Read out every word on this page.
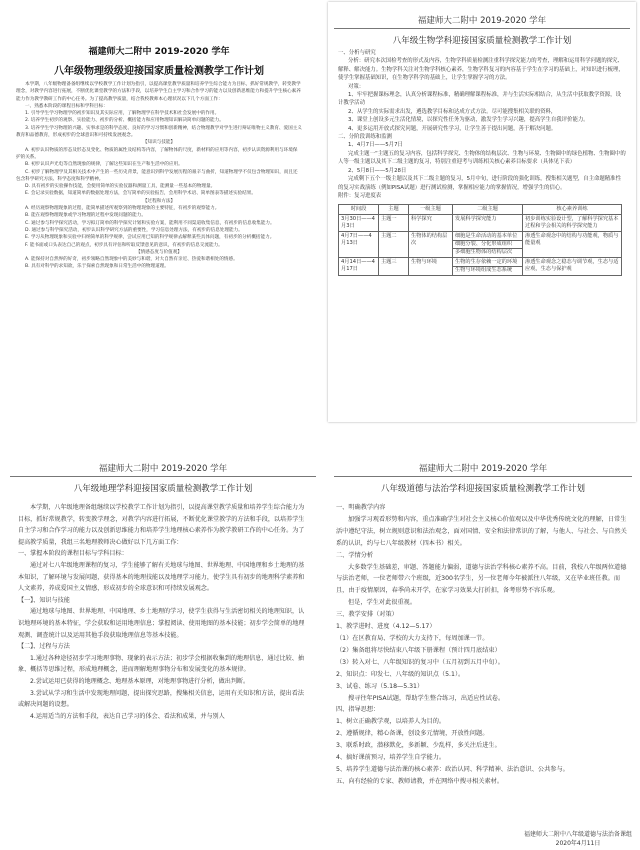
福建师大二附中 2019-2020 学年
八年级物理级级迎接国家质量检测教学工作计划

本学期，八年级物理备备组继续以学校教学工作计划为指引，以提高课堂教学质量和培养学生综合能力为目标，抓好常规教学，转变教学理念，对教学内容进行拓展，不断优化课堂教学的方法和手段，以培养学生自主学习和合作学习的能力以及创新思维能力和提升学生核心素养能力作为教学教研工作的中心任务。为了提高教学质量，结合我校教师本心理状况以下几个方面工作：

一、熟悉本阶段的课程目标和学科目标：

1. 引导学生学习物理学的初步知识及其实际应用，了解物理学在科学技术和社会发展中的作用。

2. 培养学生初步的观察、实验能力、初步的分析、概括能力和应用物理知识解决简单问题的能力。

3. 培养学生学习物理的兴趣、实事求是的科学态度、良好的学习习惯和创新精神，结合物理教学对学生进行辩证唯物主义教育、爱国主义教育和品德教育，形成初步的全球意识和可持续发展观念。

【知识与技能】

A. 初步认识物质的形态及形态及变化、物质的属性及结构等内容，了解物体的尺度，新材料的应用等内容，初步认识资源利用与环境保护的关系。

B. 初步认识声光电等自然现象的规律，了解这些知识在生产和生活中的应用。

C. 初步了解物理学及其相关技术中产生的一些历史背景，能意识到科学发展历程的艰辛与曲折，知道物理学不仅包含物理知识，而且还包含科学研究方法、科学态度和科学精神。

D. 具有初步的实验操作技能，会使用简单的实验仪器和测量工具，能测量一些基本的物理量。

E. 会记录实验数据，知道简单的数据处理方法，会写简单的实验报告，会用科学术语、简单图表等描述实验结果。

【过程和方法】

A. 经历观察物理现象的过程，能简单描述所观察到的物理现象的主要特征，有初步的观察能力。

B. 能在观察物理现象或学习物理的过程中发现问题的能力。

C. 通过参与科学探究活动，学习拟订简单的科学探究计划和实验方案，能利用不同渠道收集信息，有初步的信息收集能力。

D. 通过参与科学探究活动，初步认识科学研究方法的重要性，学习信息处理方法，有初步的信息处理能力。

E. 学习从物理现象和实验中归纳简单的科学规律，尝试应用已知的科学规律去解释某些具体问题，有初步的分析概括能力。

F. 能书面或口头表达自己的观点，初步具有评估和听取反馈意见的意识，有初步的信息交流能力。

【情感态度与价值观】

A. 能保持对自然界的好奇，初步领略自然现象中的美妙与和谐，对大自然有亲近、热爱和谐相处的情感。

B. 具有对科学的求知欲，乐于探索自然现象和日常生活中的物理道理。

福建师大二附中 2019-2020 学年
八年级生物学科迎接国家质量检测教学工作计划

一、分析与研究

分析：研究本次国检考查的形式及内容，生物学科质量检测注重科学探究能力的考查，理解和运用科学问题的探究、解释、解决能力。生物学科关注对生物学科核心素养，生物学科复习的内容基于学生在学习的基础上，对知识进行梳理，使学生掌握基础知识，在生物学科学的基础上，让学生掌握学习的方法。

对策：

1、牢牢把握课标理念，认真分析课程标准，精确理解课程标准，并与生活实际相结合，从生活中获取教学资源，设计教学活动

2、从学生的实际需求出发，遴选教学目标和达成方式方法。尽可能搜集相关联的资料，

3、课堂上创设多元生活化情境，以探究性任务为驱动，激发学生学习兴趣，提高学生自我评价能力。

4、更多运用开放式探究问题，开展研究性学习，让学生善于提出问题，善于解决问题。

二、分阶段训练和监测

1、4月7日——5月7日

完成主题一“主题五的复习内容，包括科学探究、生物体的结构层次、生物与环境、生物圈中的绿色植物、生物圈中的人等一级主题以及其下二级主题的复习，特别注重迎考与训练相关核心素养目标要求（具体见下表）

2、5月8日——5月28日

完成剩下五个一级主题以及其下二级主题的复习，5月中旬，进行阶段的强化训练，搜集相关题型，自主命题精准性的复习实战演练（例如PISA试题）进行测试检测，掌握相应能力的掌握情况，增强学生的信心。

附件：复习进度表

时间段	主题	一级主题	二级主题	核心素养训练
3月30日——4月3日	主题一	科学探究	发展科学探究能力	初步训练实验设计型，了解科学探究基本过程和学会相关的科学探究能力
4月7日——4月13日	主题二	生物体的结构层次	细胞是生命活动的基本单位
细胞分裂、分化形成组织
多细胞生物体的结构层次	渗透生命观念中的结构与功能观，物质与能量观
4月14日——4月17日	主题三	生物与环境	生物的生存依赖一定的环境
生物与环境组成生态系统	渗透生命观念之稳态与调节观，生态与适应观，生态与保护观
福建师大二附中 2019-2020 学年
八年级地理学科迎接国家质量检测教学工作计划

本学期，八年级地理备组继续以学校教学工作计划为指引，以提高课堂教学质量和培养学生综合能力为目标，抓好常规教学，转变教学理念，对教学内容进行拓展，不断优化课堂教学的方法和手段，以培养学生自主学习和合作学习的能力以及创新思维能力和培养学生地理核心素养作为教学教研工作的中心任务。为了提高教学质量，我组三名地理教师决心做好以下几方面工作：

一、掌握本阶段的课程目标与学科目标：

通过对七八年级地理课程的复习，学生能够了解有关地球与地图、世界地理、中国地理和乡土地理的基本知识，了解环境与发展问题，获得基本的地理技能以及地理学习能力，使学生具有初步的地理科学素养和人文素养，养成爱国主义情感，形成初步的全球意识和可持续发展观念。

【一】、知识与技能

通过地球与地图、世界地理、中国地理、乡土地理的学习，使学生获得与生活密切相关的地理知识，认识地理环境的基本特征，学会获取和运用地理信息；掌握阅读、使用地图的基本技能；初步学会简单的地理观测、调查统计以及运用其他手段获取地理信息等基本技能。

【二】、过程与方法

1.通过各种途径初步学习地理事物、现象的表示方法；初步学会根据收集到的地理信息，通过比较、抽象、概括等思维过程，形成地理概念，进而理解地理事物分布和发展变化的基本规律。

2.尝试运用已获得的地理概念、地理基本原理，对地理事物进行分析，做出判断。

3.尝试从学习和生活中发现地理问题，提出探究思路，搜集相关信息，运用有关知识和方法，提出看法或解决问题的设想。

4.运用适当的方法和手段，表达自己学习的体会、看法和成果，并与别人

福建师大二附中 2019-2020 学年
八年级道德与法治学科迎接国家质量检测教学工作计划

一、明确教学内容

加强学习观看形势和内容，重点准确学生对社会主义核心价值观以及中华优秀传统文化的理解，日常生活中遵纪守法，树立规则意识和法治观念，面对国情、安全和法律常识的了解，与他人、与社会、与自然关系的认识，约与七八年级教材（四本书）相关。

二、学情分析

大多数学生基础差，审题、答题能力偏弱，道德与法治学科核心素养不高。目前，我校八年级两位道德与法治老师，一位老师带六个班级，近300名学生，另一位老师今年被派往八年级，又在毕业班任教。而且，由于疫情原因，春季尚未开学，在家学习效果大打折扣，备考形势不容乐观。

但是，学生对此很重视。

三、教学安排（对策）

1、教学进时、进度（4.12—5.17）

（1）在区教育局、学校的大力支持下，每周加课一节。

（2）集备组将尽快结束八年级下册课程（预计四月底结束）

（3）转入对七、八年级知识的复习中（五月初到五月中旬）。

2、知识点：印发七、八年级的知识点（5.1）。

3、试卷、练习（5.18—5.31）

搜寻往年PISA试题，帮助学生整合练习，出适应性试卷。

四、指导思想：

1、树立正确教学观，以培养人为目的。

2、遵循规律，精心备课，创设多元情境，开放性问题。

3、联系时政，潜移默化，多新颖、少乱样，多关注后进生。

4、搞好课前预习，培养学生自学能力。

5、培养学生道德与法治课的核心素养：政治认同、科学精神、法治意识、公共参与。

五、向有经验的专家、教师请教，并在网络中搜寻相关素材。

福建师大二附中八年级道德与法治备课组
2020年4月11日
